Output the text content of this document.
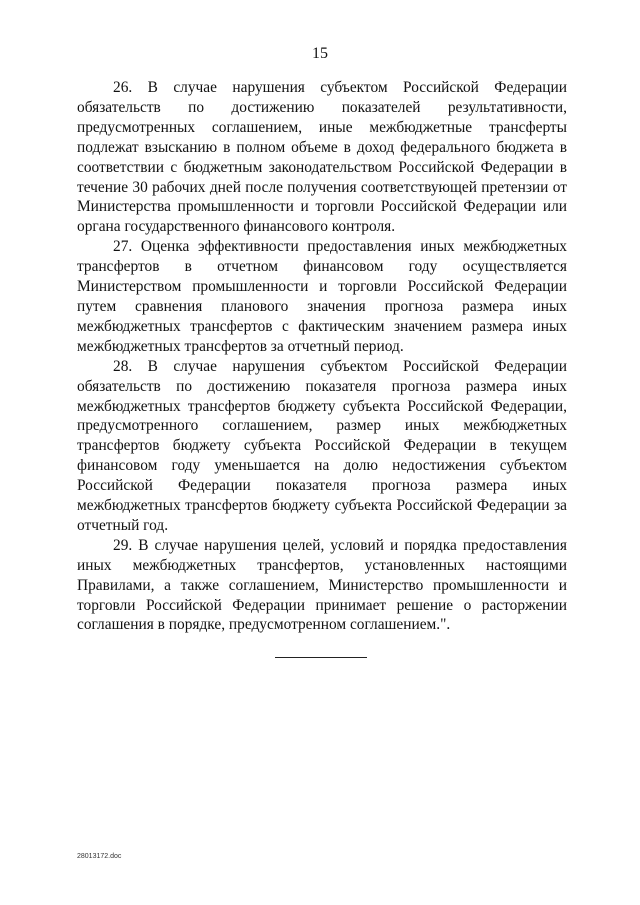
15

26. В случае нарушения субъектом Российской Федерации обязательств по достижению показателей результативности, предусмотренных соглашением, иные межбюджетные трансферты подлежат взысканию в полном объеме в доход федерального бюджета в соответствии с бюджетным законодательством Российской Федерации в течение 30 рабочих дней после получения соответствующей претензии от Министерства промышленности и торговли Российской Федерации или органа государственного финансового контроля.

27. Оценка эффективности предоставления иных межбюджетных трансфертов в отчетном финансовом году осуществляется Министерством промышленности и торговли Российской Федерации путем сравнения планового значения прогноза размера иных межбюджетных трансфертов с фактическим значением размера иных межбюджетных трансфертов за отчетный период.

28. В случае нарушения субъектом Российской Федерации обязательств по достижению показателя прогноза размера иных межбюджетных трансфертов бюджету субъекта Российской Федерации, предусмотренного соглашением, размер иных межбюджетных трансфертов бюджету субъекта Российской Федерации в текущем финансовом году уменьшается на долю недостижения субъектом Российской Федерации показателя прогноза размера иных межбюджетных трансфертов бюджету субъекта Российской Федерации за отчетный год.

29. В случае нарушения целей, условий и порядка предоставления иных межбюджетных трансфертов, установленных настоящими Правилами, а также соглашением, Министерство промышленности и торговли Российской Федерации принимает решение о расторжении соглашения в порядке, предусмотренном соглашением.".

28013172.doc
